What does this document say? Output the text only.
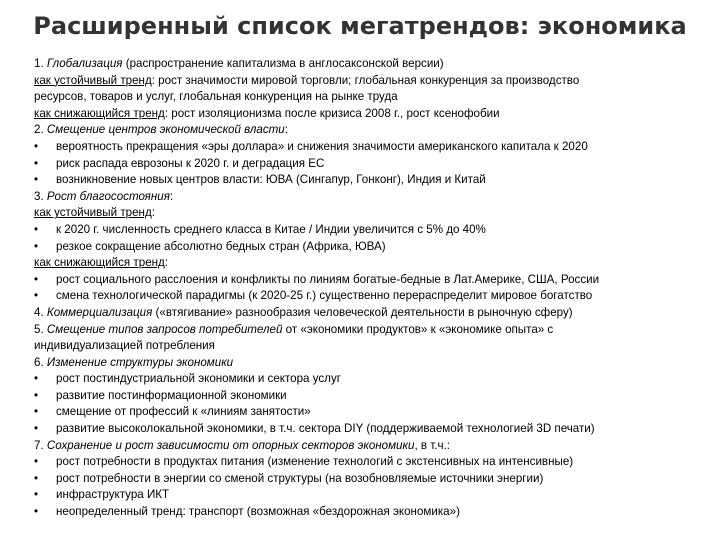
Расширенный список мегатрендов: экономика
1. Глобализация (распространение капитализма в англосаксонской версии)
как устойчивый тренд: рост значимости мировой торговли; глобальная конкуренция за производство
ресурсов, товаров и услуг, глобальная конкуренция на рынке труда
как снижающийся тренд: рост изоляционизма после кризиса 2008 г., рост ксенофобии
2. Смещение центров экономической власти:
• вероятность прекращения «эры доллара» и снижения значимости американского капитала к 2020
• риск распада еврозоны к 2020 г. и деградация ЕС
• возникновение новых центров власти: ЮВА (Сингапур, Гонконг), Индия и Китай
3. Рост благосостояния:
как устойчивый тренд:
• к 2020 г. численность среднего класса в Китае / Индии увеличится с 5% до 40%
• резкое сокращение абсолютно бедных стран (Африка, ЮВА)
как снижающийся тренд:
• рост социального расслоения и конфликты по линиям богатые-бедные в Лат.Америке, США, России
• смена технологической парадигмы (к 2020-25 г.) существенно перераспределит мировое богатство
4. Коммерциализация («втягивание» разнообразия человеческой деятельности в рыночную сферу)
5. Смещение типов запросов потребителей от «экономики продуктов» к «экономике опыта» с
индивидуализацией потребления
6. Изменение структуры экономики
• рост постиндустриальной экономики и сектора услуг
• развитие постинформационной экономики
• смещение от профессий к «линиям занятости»
• развитие высоколокальной экономики, в т.ч. сектора DIY (поддерживаемой технологией 3D печати)
7. Сохранение и рост зависимости от опорных секторов экономики, в т.ч.:
• рост потребности в продуктах питания (изменение технологий с экстенсивных на интенсивные)
• рост потребности в энергии со сменой структуры (на возобновляемые источники энергии)
• инфраструктура ИКТ
• неопределенный тренд: транспорт (возможная «бездорожная экономика»)
